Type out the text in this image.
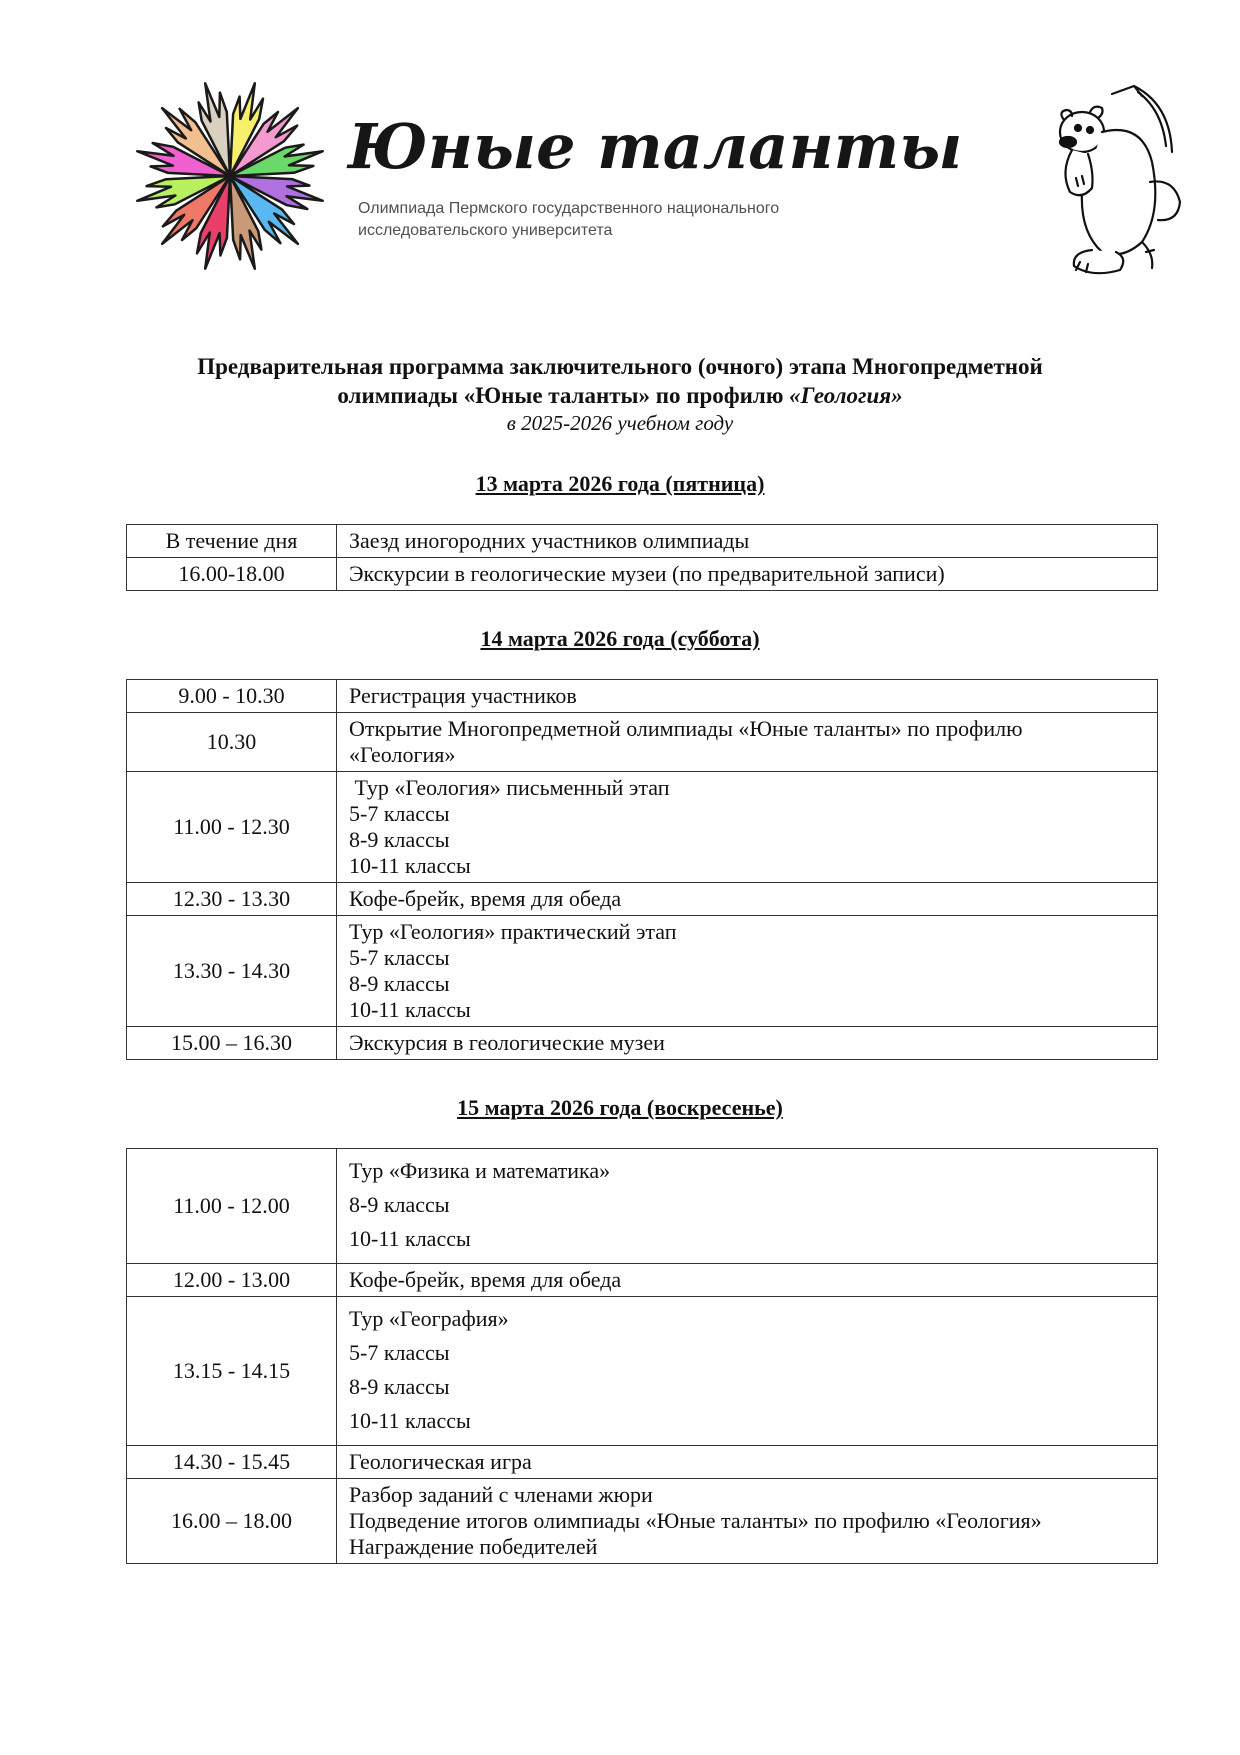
Юные таланты
Олимпиада Пермского государственного национального
исследовательского университета
Предварительная программа заключительного (очного) этапа Многопредметной
олимпиады «Юные таланты» по профилю «Геология»
в 2025-2026 учебном году
13 марта 2026 года (пятница)
В течение дня	Заезд иногородних участников олимпиады

16.00-18.00	Экскурсии в геологические музеи (по предварительной записи)
14 марта 2026 года (суббота)
9.00 - 10.30	Регистрация участников

10.30	Открытие Многопредметной олимпиады «Юные таланты» по профилю
«Геология»

11.00 - 12.30	Тур «Геология» письменный этап
5-7 классы
8-9 классы
10-11 классы

12.30 - 13.30	Кофе-брейк, время для обеда

13.30 - 14.30	Тур «Геология» практический этап
5-7 классы
8-9 классы
10-11 классы

15.00 – 16.30	Экскурсия в геологические музеи
15 марта 2026 года (воскресенье)
11.00 - 12.00	Тур «Физика и математика»
8-9 классы
10-11 классы

12.00 - 13.00	Кофе-брейк, время для обеда

13.15 - 14.15	Тур «География»
5-7 классы
8-9 классы
10-11 классы

14.30 - 15.45	Геологическая игра

16.00 – 18.00	Разбор заданий с членами жюри
Подведение итогов олимпиады «Юные таланты» по профилю «Геология»
Награждение победителей
